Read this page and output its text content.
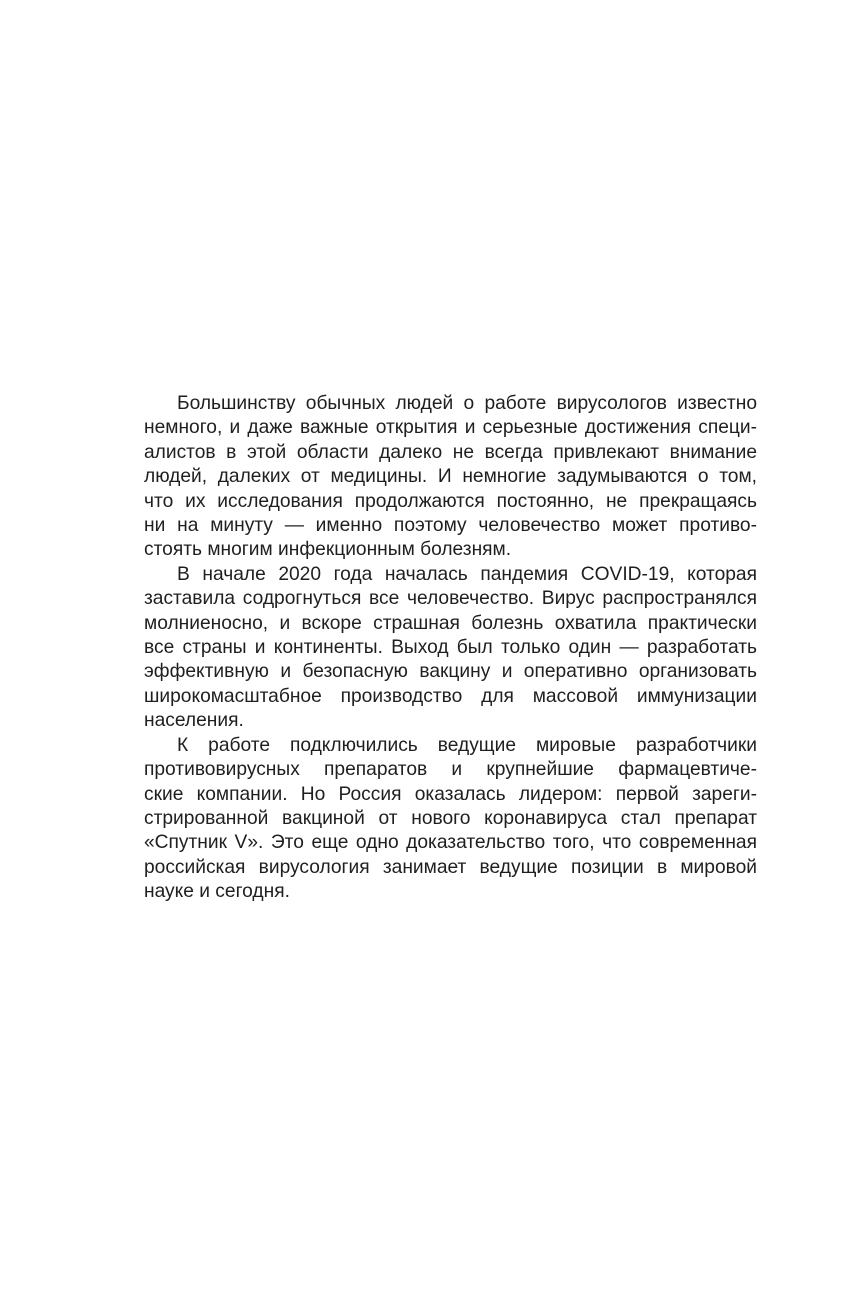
Большинству обычных людей о работе вирусологов известно
немного, и даже важные открытия и серьезные достижения специ-
алистов в этой области далеко не всегда привлекают внимание
людей, далеких от медицины. И немногие задумываются о том,
что их исследования продолжаются постоянно, не прекращаясь
ни на минуту — именно поэтому человечество может противо-
стоять многим инфекционным болезням.

В начале 2020 года началась пандемия COVID-19, которая
заставила содрогнуться все человечество. Вирус распространялся
молниеносно, и вскоре страшная болезнь охватила практически
все страны и континенты. Выход был только один — разработать
эффективную и безопасную вакцину и оперативно организовать
широкомасштабное производство для массовой иммунизации
населения.

К работе подключились ведущие мировые разработчики
противовирусных препаратов и крупнейшие фармацевтиче-
ские компании. Но Россия оказалась лидером: первой зареги-
стрированной вакциной от нового коронавируса стал препарат
«Спутник V». Это еще одно доказательство того, что современная
российская вирусология занимает ведущие позиции в мировой
науке и сегодня.
